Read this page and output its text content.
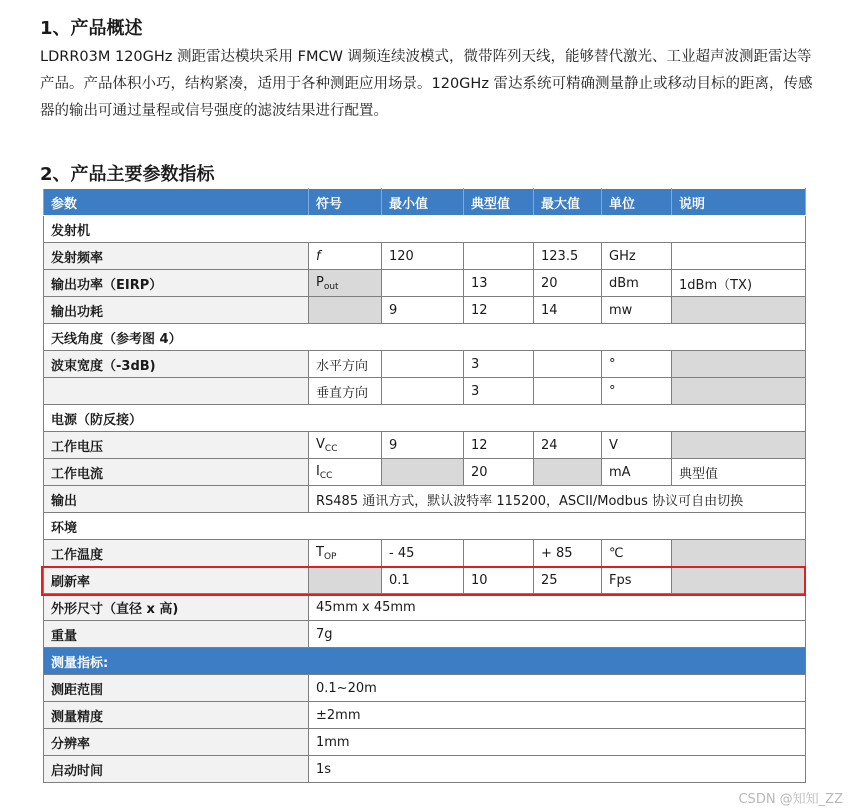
1、产品概述
LDRR03M 120GHz 测距雷达模块采用 FMCW 调频连续波模式，微带阵列天线，能够替代激光、工业超声波测距雷达等产品。产品体积小巧，结构紧凑，适用于各种测距应用场景。120GHz 雷达系统可精确测量静止或移动目标的距离，传感器的输出可通过量程或信号强度的滤波结果进行配置。
2、产品主要参数指标
参数	符号	最小值	典型值	最大值	单位	说明
发射机						
发射频率	f	120		123.5	GHz	
输出功率（EIRP）	$P_{out}$		13	20	dBm	1dBm（TX)
输出功耗		9	12	14	mw	
天线角度（参考图 4）						
波束宽度（-3dB)	水平方向		3		°	
	垂直方向		3		°	
电源（防反接）						
工作电压	$V_{CC}$	9	12	24	V	
工作电流	$I_{CC}$		20		mA	典型值
输出	RS485 通讯方式，默认波特率 115200，ASCII/Modbus 协议可自由切换					
环境						
工作温度	$T_{OP}$	- 45		+ 85	℃	
刷新率		0.1	10	25	Fps	
外形尺寸（直径 x 高)	45mm x 45mm					
重量	7g					
测量指标:						
测距范围	0.1~20m					
测量精度	±2mm					
分辨率	1mm					
启动时间	1s					
CSDN @知知_ZZ
